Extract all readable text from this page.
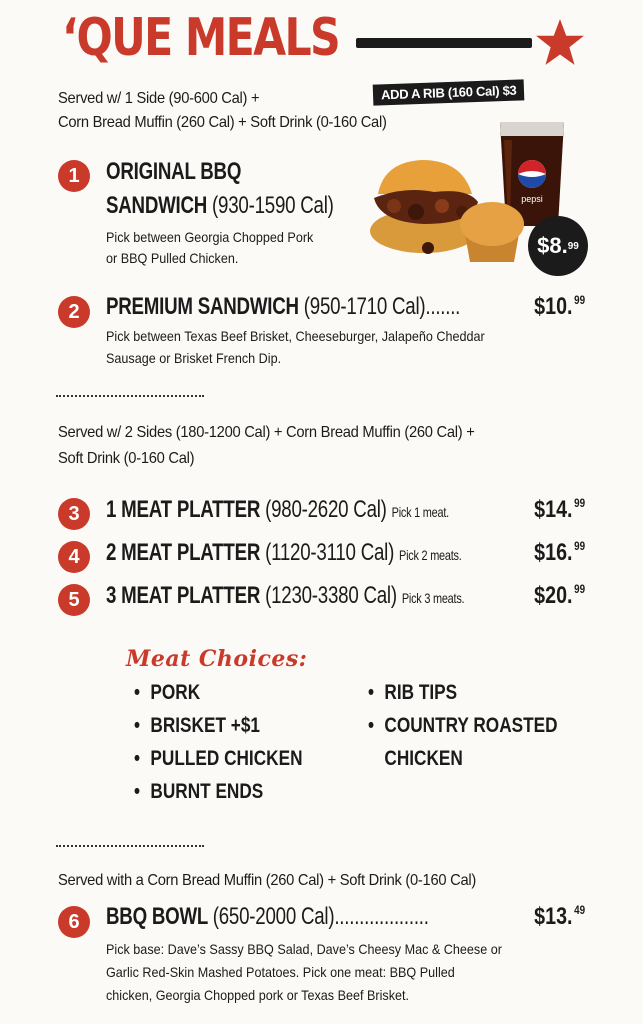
‘QUE MEALS
ADD A RIB (160 Cal) $3
Served w/ 1 Side (90-600 Cal) +
Corn Bread Muffin (260 Cal) + Soft Drink (0-160 Cal)
pepsi
$8. 99
1	ORIGINAL BBQ
SANDWICH (930-1590 Cal)
Pick between Georgia Chopped Pork
or BBQ Pulled Chicken.
2	PREMIUM SANDWICH (950-1710 Cal).......	$10. $^{99}$
Pick between Texas Beef Brisket, Cheeseburger, Jalapeño Cheddar
Sausage or Brisket French Dip.
Served w/ 2 Sides (180-1200 Cal) + Corn Bread Muffin (260 Cal) +
Soft Drink (0-160 Cal)
3	1 MEAT PLATTER (980-2620 Cal) Pick 1 meat.	$14. $^{99}$
4	2 MEAT PLATTER (1120-3110 Cal) Pick 2 meats.	$16. $^{99}$
5	3 MEAT PLATTER (1230-3380 Cal) Pick 3 meats.	$20. $^{99}$
Meat Choices:
• PORK
• BRISKET +$1
• PULLED CHICKEN
• BURNT ENDS
• RIB TIPS
• COUNTRY ROASTED
CHICKEN
Served with a Corn Bread Muffin (260 Cal) + Soft Drink (0-160 Cal)
6	BBQ BOWL (650-2000 Cal)...................	$13. $^{49}$
Pick base: Dave’s Sassy BBQ Salad, Dave’s Cheesy Mac & Cheese or
Garlic Red-Skin Mashed Potatoes. Pick one meat: BBQ Pulled
chicken, Georgia Chopped pork or Texas Beef Brisket.
